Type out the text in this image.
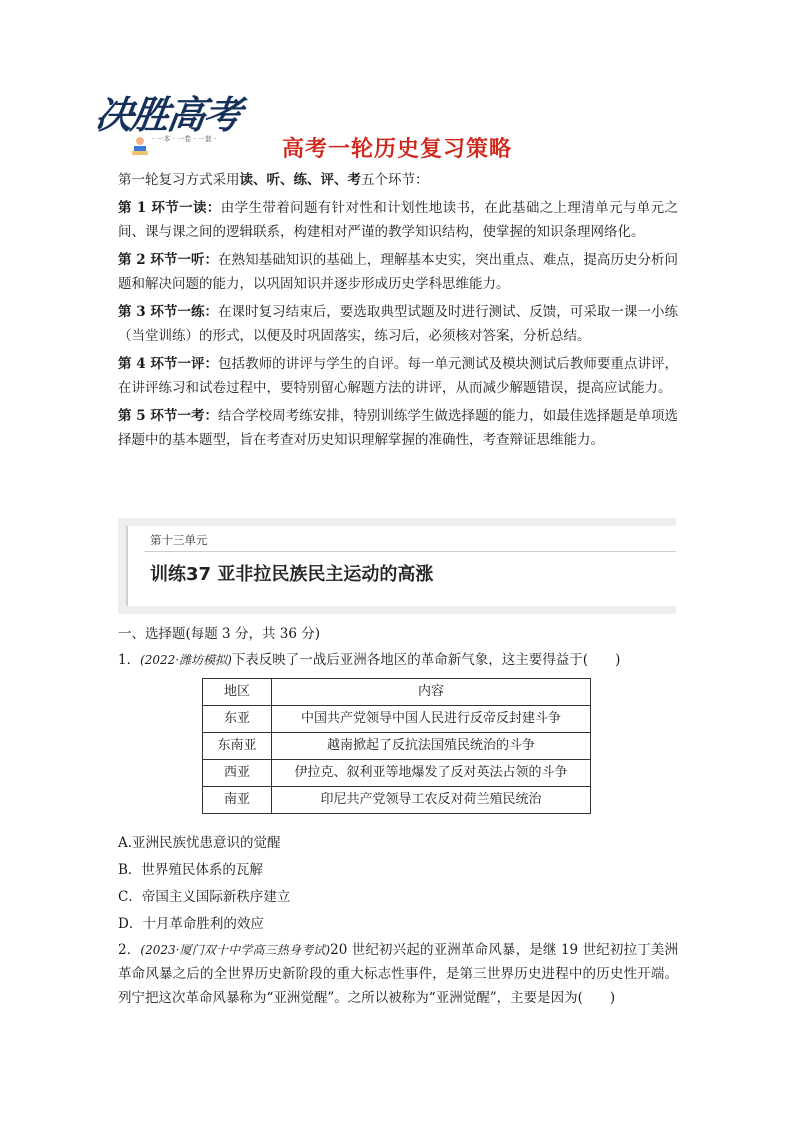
决胜高考
· 一本 · 一卷 · 一套 ·	高考一轮历史复习策略

第一轮复习方式采用读、听、练、评、考五个环节：

第 1 环节一读：由学生带着问题有针对性和计划性地读书，在此基础之上理清单元与单元之间、课与课之间的逻辑联系，构建相对严谨的教学知识结构，使掌握的知识条理网络化。

第 2 环节一听：在熟知基础知识的基础上，理解基本史实，突出重点、难点，提高历史分析问题和解决问题的能力，以巩固知识并逐步形成历史学科思维能力。

第 3 环节一练：在课时复习结束后，要选取典型试题及时进行测试、反馈，可采取一课一小练（当堂训练）的形式，以便及时巩固落实，练习后，必须核对答案，分析总结。

第 4 环节一评：包括教师的讲评与学生的自评。每一单元测试及模块测试后教师要重点讲评，在讲评练习和试卷过程中，要特别留心解题方法的讲评，从而减少解题错误，提高应试能力。

第 5 环节一考：结合学校周考练安排，特别训练学生做选择题的能力，如最佳选择题是单项选择题中的基本题型，旨在考查对历史知识理解掌握的准确性，考查辩证思维能力。

第十三单元
训练37 亚非拉民族民主运动的高涨
一、选择题(每题 3 分，共 36 分)
1．(2022·潍坊模拟)下表反映了一战后亚洲各地区的革命新气象，这主要得益于(　　)
地区	内容
东亚	中国共产党领导中国人民进行反帝反封建斗争
东南亚	越南掀起了反抗法国殖民统治的斗争
西亚	伊拉克、叙利亚等地爆发了反对英法占领的斗争
南亚	印尼共产党领导工农反对荷兰殖民统治
A.亚洲民族忧患意识的觉醒
B．世界殖民体系的瓦解
C．帝国主义国际新秩序建立
D．十月革命胜利的效应
2．(2023·厦门双十中学高三热身考试)20 世纪初兴起的亚洲革命风暴，是继 19 世纪初拉丁美洲革命风暴之后的全世界历史新阶段的重大标志性事件，是第三世界历史进程中的历史性开端。列宁把这次革命风暴称为“亚洲觉醒”。之所以被称为“亚洲觉醒”，主要是因为(　　)
